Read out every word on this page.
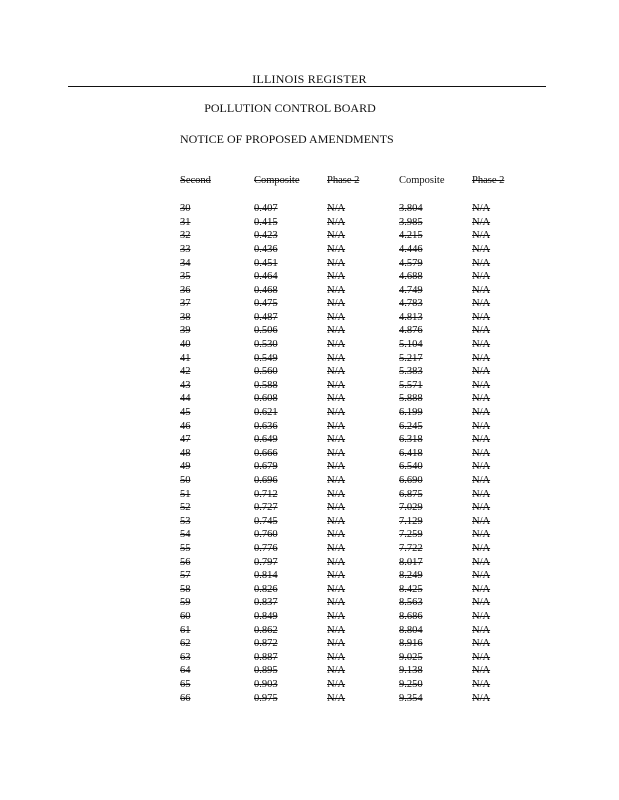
ILLINOIS REGISTER
POLLUTION CONTROL BOARD
NOTICE OF PROPOSED AMENDMENTS
Second	Composite	Phase 2	Composite	Phase 2

30	0.407	N/A	3.804	N/A
31	0.415	N/A	3.985	N/A
32	0.423	N/A	4.215	N/A
33	0.436	N/A	4.446	N/A
34	0.451	N/A	4.579	N/A
35	0.464	N/A	4.688	N/A
36	0.468	N/A	4.749	N/A
37	0.475	N/A	4.783	N/A
38	0.487	N/A	4.813	N/A
39	0.506	N/A	4.876	N/A
40	0.530	N/A	5.104	N/A
41	0.549	N/A	5.217	N/A
42	0.560	N/A	5.383	N/A
43	0.588	N/A	5.571	N/A
44	0.608	N/A	5.888	N/A
45	0.621	N/A	6.199	N/A
46	0.636	N/A	6.245	N/A
47	0.649	N/A	6.318	N/A
48	0.666	N/A	6.418	N/A
49	0.679	N/A	6.540	N/A
50	0.696	N/A	6.690	N/A
51	0.712	N/A	6.875	N/A
52	0.727	N/A	7.029	N/A
53	0.745	N/A	7.129	N/A
54	0.760	N/A	7.259	N/A
55	0.776	N/A	7.722	N/A
56	0.797	N/A	8.017	N/A
57	0.814	N/A	8.249	N/A
58	0.826	N/A	8.425	N/A
59	0.837	N/A	8.563	N/A
60	0.849	N/A	8.686	N/A
61	0.862	N/A	8.804	N/A
62	0.872	N/A	8.916	N/A
63	0.887	N/A	9.025	N/A
64	0.895	N/A	9.138	N/A
65	0.903	N/A	9.250	N/A
66	0.975	N/A	9.354	N/A
